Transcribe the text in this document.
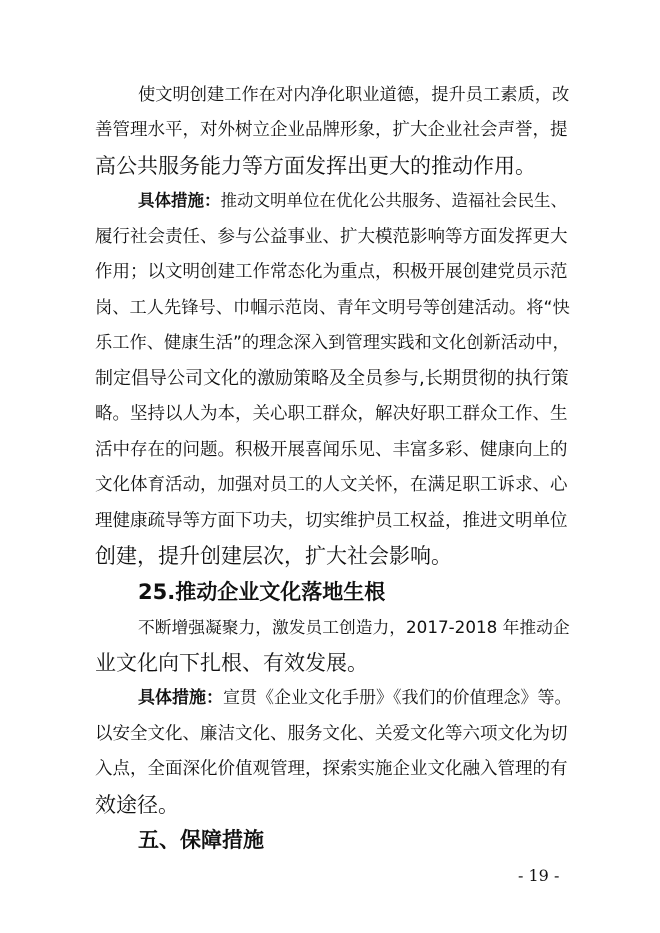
使文明创建工作在对内净化职业道德，提升员工素质，改
善管理水平，对外树立企业品牌形象，扩大企业社会声誉，提
高公共服务能力等方面发挥出更大的推动作用。
具体措施：推动文明单位在优化公共服务、造福社会民生、
履行社会责任、参与公益事业、扩大模范影响等方面发挥更大
作用；以文明创建工作常态化为重点，积极开展创建党员示范
岗、工人先锋号、巾帼示范岗、青年文明号等创建活动。将“快
乐工作、健康生活”的理念深入到管理实践和文化创新活动中，
制定倡导公司文化的激励策略及全员参与,长期贯彻的执行策
略。坚持以人为本，关心职工群众，解决好职工群众工作、生
活中存在的问题。积极开展喜闻乐见、丰富多彩、健康向上的
文化体育活动，加强对员工的人文关怀，在满足职工诉求、心
理健康疏导等方面下功夫，切实维护员工权益，推进文明单位
创建，提升创建层次，扩大社会影响。
25.推动企业文化落地生根
不断增强凝聚力，激发员工创造力，2017-2018 年推动企
业文化向下扎根、有效发展。
具体措施：宣贯《企业文化手册》《我们的价值理念》等。
以安全文化、廉洁文化、服务文化、关爱文化等六项文化为切
入点，全面深化价值观管理，探索实施企业文化融入管理的有
效途径。
五、保障措施
- 19 -
